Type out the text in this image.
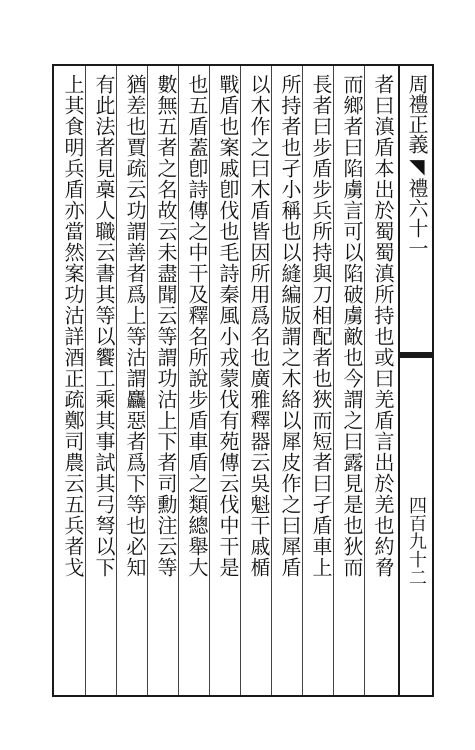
者曰滇盾本出於蜀蜀滇所持也或曰羌盾言出於羌也約脅
而鄉者曰陷虜言可以陷破虜敵也今謂之曰露見是也狄而
長者曰步盾步兵所持與刀相配者也狹而短者曰孑盾車上
所持者也孑小稱也以縫編版謂之木絡以犀皮作之曰犀盾
以木作之曰木盾皆因所用爲名也廣雅釋器云吳魁干戚楯
戰盾也案戚卽伐也毛詩秦風小戎蒙伐有苑傳云伐中干是
也五盾蓋卽詩傳之中干及釋名所說步盾車盾之類總舉大
數無五者之名故云未盡聞云等謂功沽上下者司勳注云等
猶差也賈疏云功謂善者爲上等沽謂麤惡者爲下等也必知
有此法者見槀人職云書其等以饗工乘其事試其弓弩以下
上其食明兵盾亦當然案功沽詳酒正疏鄭司農云五兵者戈	周禮正義◥禮六十一
四百九十二
